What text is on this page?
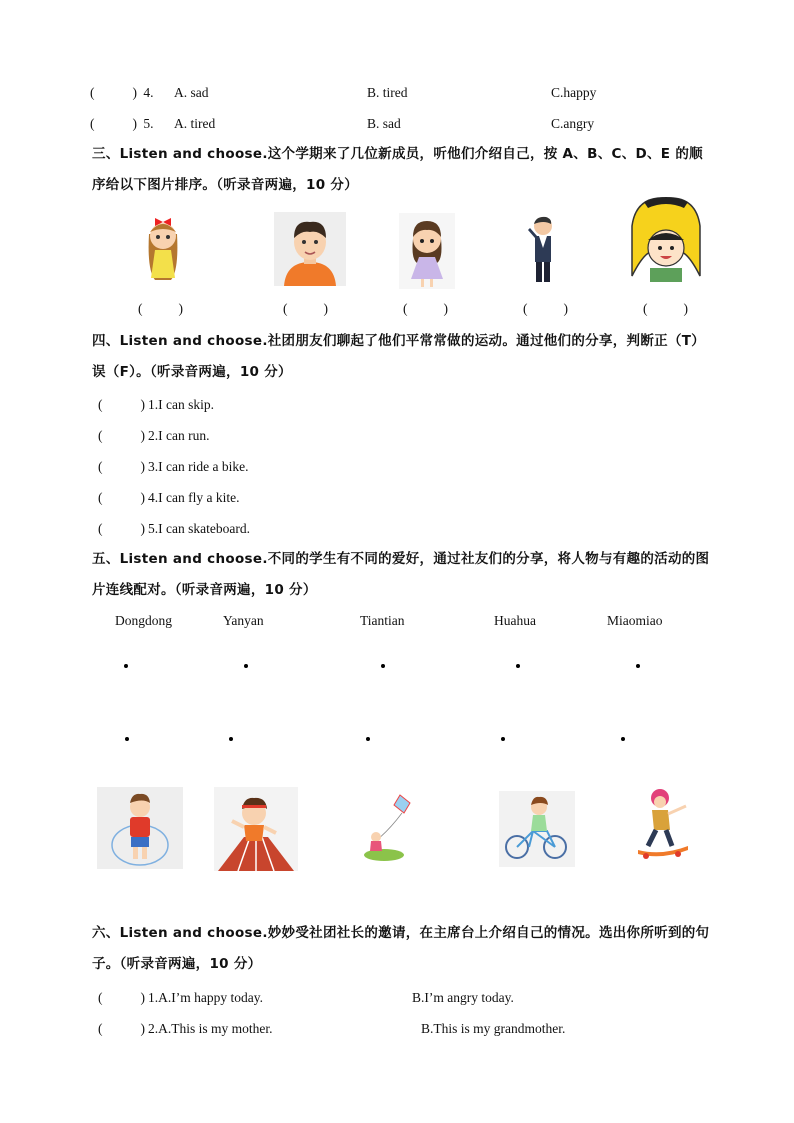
(	) 4. A. sad	B. tired	C.happy
(	) 5. A. tired	B. sad	C.angry
三、Listen and choose.这个学期来了几位新成员，听他们介绍自己，按 A、B、C、D、E 的顺序给以下图片排序。（听录音两遍，10 分）
(	)	(	)	(	)	(	)	(	)
四、Listen and choose.社团朋友们聊起了他们平常常做的运动。通过他们的分享，判断正（T）误（F）。（听录音两遍，10 分）
(	) 1.I can skip.
(	) 2.I can run.
(	) 3.I can ride a bike.
(	) 4.I can fly a kite.
(	) 5.I can skateboard.
五、Listen and choose.不同的学生有不同的爱好，通过社友们的分享，将人物与有趣的活动的图片连线配对。（听录音两遍，10 分）
Dongdong	Yanyan	Tiantian	Huahua	Miaomiao
六、Listen and choose.妙妙受社团社长的邀请，在主席台上介绍自己的情况。选出你所听到的句子。（听录音两遍，10 分）
(	) 1.A.I’m happy today.	B.I’m angry today.
(	) 2.A.This is my mother.	B.This is my grandmother.
